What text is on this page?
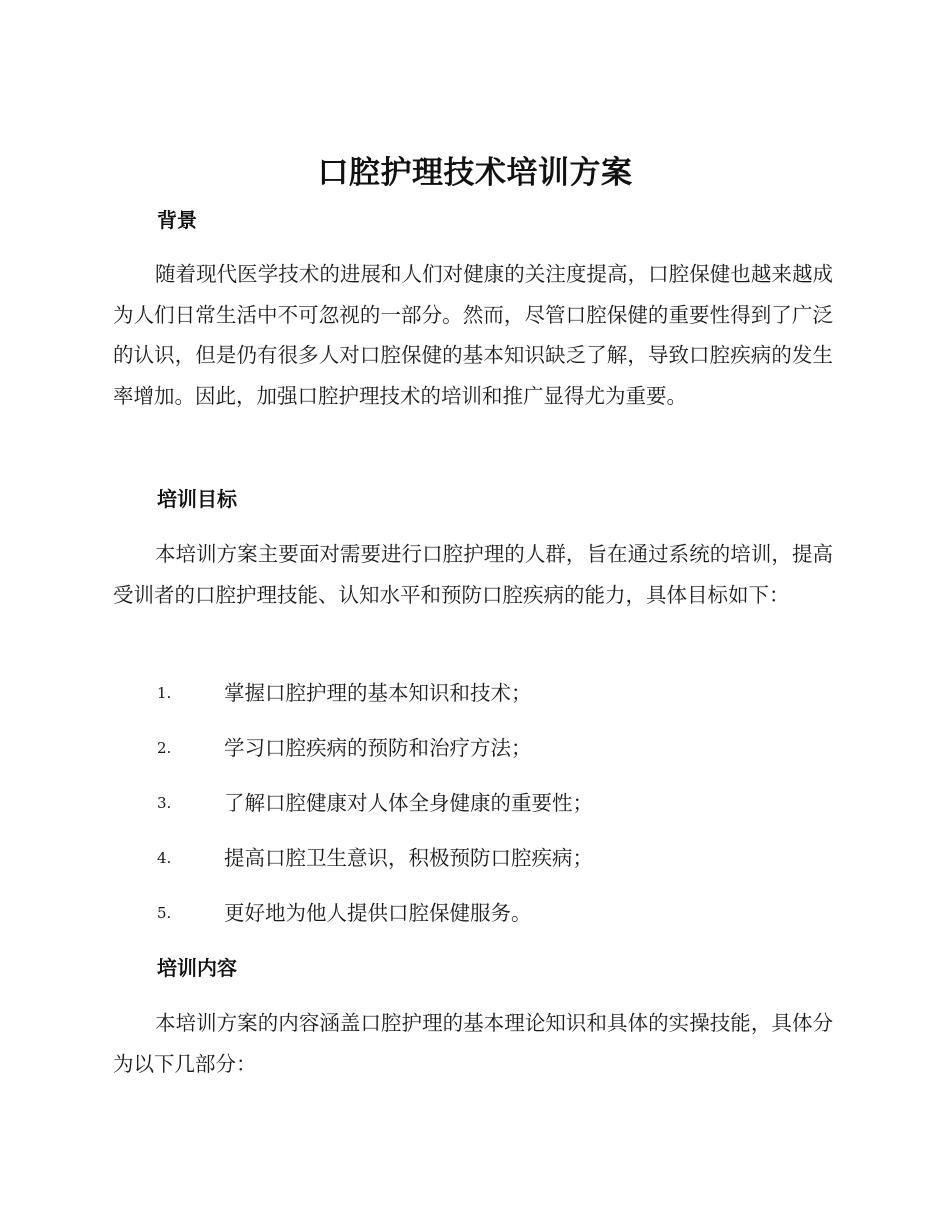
口腔护理技术培训方案
背景

随着现代医学技术的进展和人们对健康的关注度提高，口腔保健也越来越成为人们日常生活中不可忽视的一部分。然而，尽管口腔保健的重要性得到了广泛的认识，但是仍有很多人对口腔保健的基本知识缺乏了解，导致口腔疾病的发生率增加。因此，加强口腔护理技术的培训和推广显得尤为重要。

培训目标

本培训方案主要面对需要进行口腔护理的人群，旨在通过系统的培训，提高受训者的口腔护理技能、认知水平和预防口腔疾病的能力，具体目标如下：

1.	掌握口腔护理的基本知识和技术；
2.	学习口腔疾病的预防和治疗方法；
3.	了解口腔健康对人体全身健康的重要性；
4.	提高口腔卫生意识，积极预防口腔疾病；
5.	更好地为他人提供口腔保健服务。
培训内容

本培训方案的内容涵盖口腔护理的基本理论知识和具体的实操技能，具体分为以下几部分：
